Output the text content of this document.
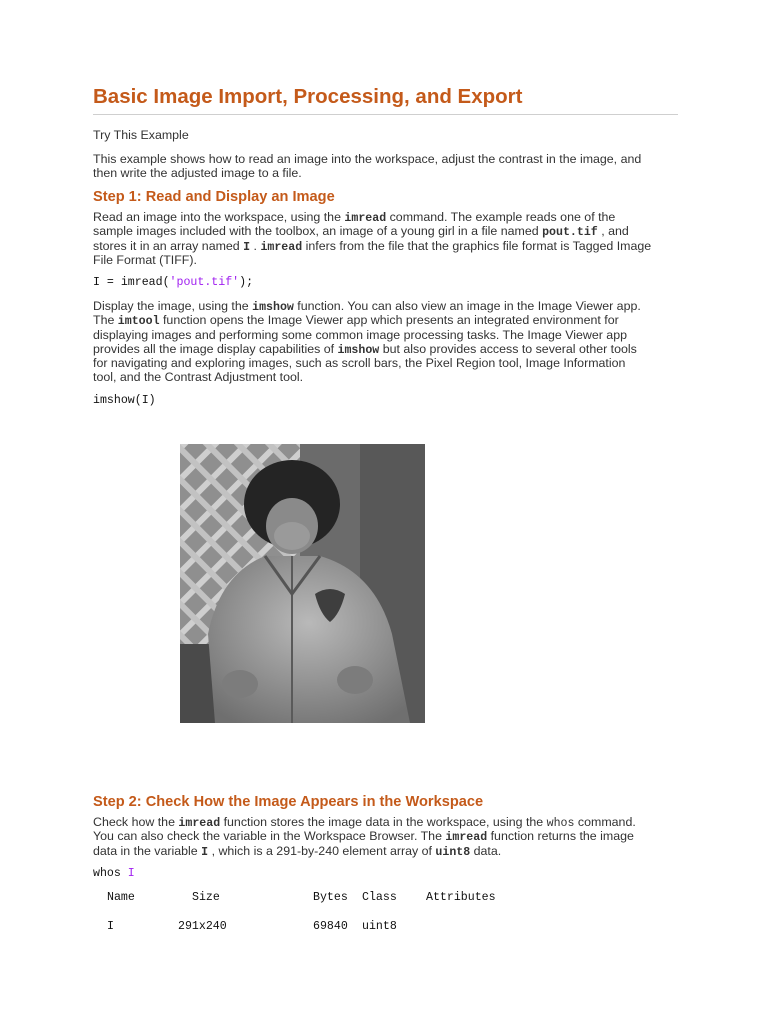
Basic Image Import, Processing, and Export
Try This Example
This example shows how to read an image into the workspace, adjust the contrast in the image, and
then write the adjusted image to a file.
Step 1: Read and Display an Image
Read an image into the workspace, using the imread command. The example reads one of the
sample images included with the toolbox, an image of a young girl in a file named pout.tif , and
stores it in an array named I . imread infers from the file that the graphics file format is Tagged Image
File Format (TIFF).
I = imread('pout.tif');
Display the image, using the imshow function. You can also view an image in the Image Viewer app.
The imtool function opens the Image Viewer app which presents an integrated environment for
displaying images and performing some common image processing tasks. The Image Viewer app
provides all the image display capabilities of imshow but also provides access to several other tools
for navigating and exploring images, such as scroll bars, the Pixel Region tool, Image Information
tool, and the Contrast Adjustment tool.
imshow(I)
Step 2: Check How the Image Appears in the Workspace
Check how the imread function stores the image data in the workspace, using the whos command.
You can also check the variable in the Workspace Browser. The imread function returns the image
data in the variable I , which is a 291-by-240 element array of uint8 data.
whos I
Name	Size	Bytes Class	Attributes
I	291x240	69840 uint8
